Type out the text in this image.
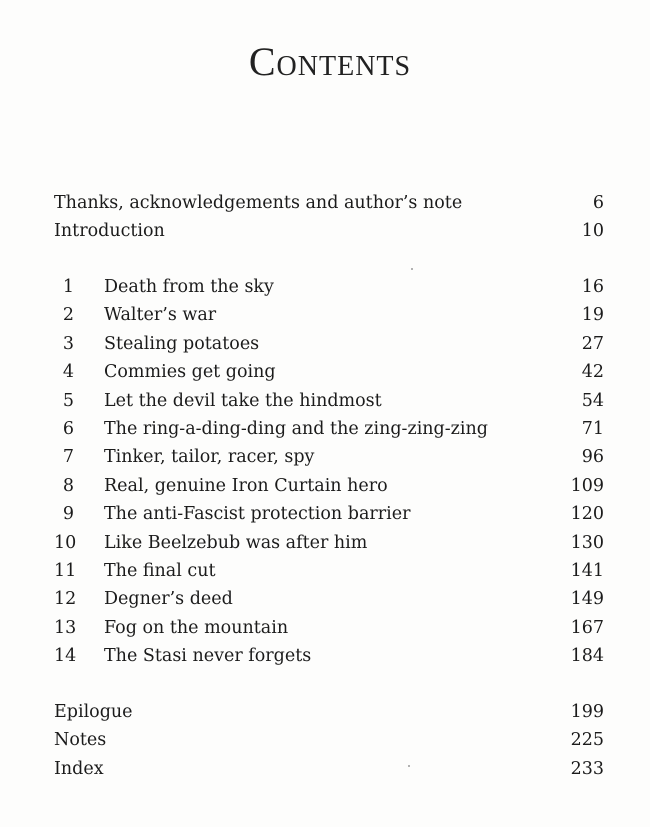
Contents
Thanks, acknowledgements and author’s note	6
Introduction	10
1 Death from the sky	16
2 Walter’s war	19
3 Stealing potatoes	27
4 Commies get going	42
5 Let the devil take the hindmost	54
6 The ring-a-ding-ding and the zing-zing-zing	71
7 Tinker, tailor, racer, spy	96
8 Real, genuine Iron Curtain hero	109
9 The anti-Fascist protection barrier	120
10 Like Beelzebub was after him	130
11 The final cut	141
12 Degner’s deed	149
13 Fog on the mountain	167
14 The Stasi never forgets	184
Epilogue	199
Notes	225
Index	233
